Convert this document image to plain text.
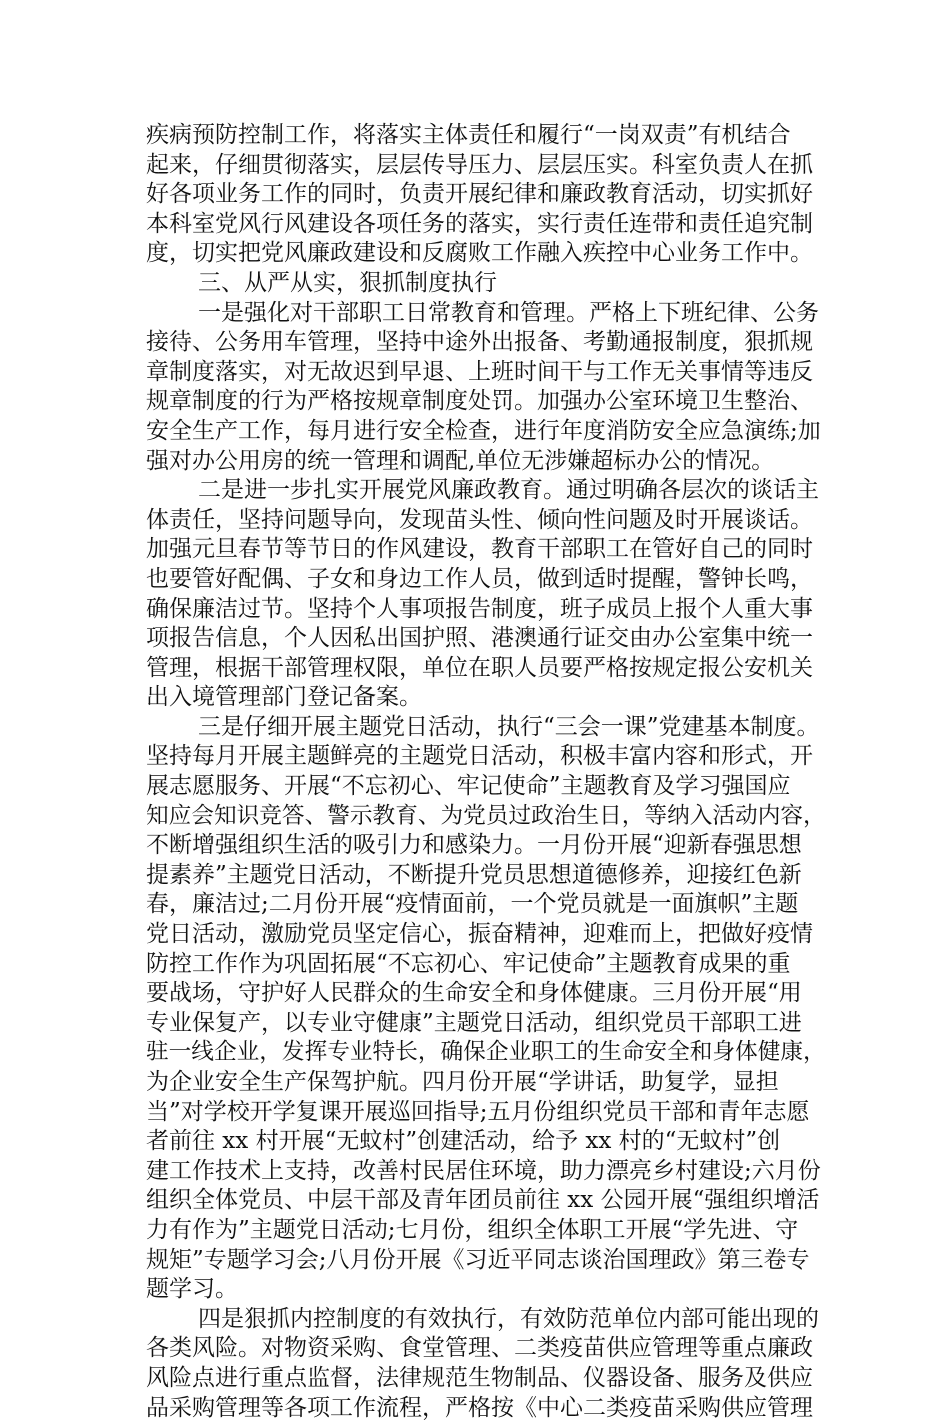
疾病预防控制工作，将落实主体责任和履行“一岗双责”有机结合
起来，仔细贯彻落实，层层传导压力、层层压实。科室负责人在抓
好各项业务工作的同时，负责开展纪律和廉政教育活动，切实抓好
本科室党风行风建设各项任务的落实，实行责任连带和责任追究制
度，切实把党风廉政建设和反腐败工作融入疾控中心业务工作中。
三、从严从实，狠抓制度执行
一是强化对干部职工日常教育和管理。严格上下班纪律、公务
接待、公务用车管理，坚持中途外出报备、考勤通报制度，狠抓规
章制度落实，对无故迟到早退、上班时间干与工作无关事情等违反
规章制度的行为严格按规章制度处罚。加强办公室环境卫生整治、
安全生产工作，每月进行安全检查，进行年度消防安全应急演练;加
强对办公用房的统一管理和调配,单位无涉嫌超标办公的情况。
二是进一步扎实开展党风廉政教育。通过明确各层次的谈话主
体责任，坚持问题导向，发现苗头性、倾向性问题及时开展谈话。
加强元旦春节等节日的作风建设，教育干部职工在管好自己的同时
也要管好配偶、子女和身边工作人员，做到适时提醒，警钟长鸣，
确保廉洁过节。坚持个人事项报告制度，班子成员上报个人重大事
项报告信息，个人因私出国护照、港澳通行证交由办公室集中统一
管理，根据干部管理权限，单位在职人员要严格按规定报公安机关
出入境管理部门登记备案。
三是仔细开展主题党日活动，执行“三会一课”党建基本制度。
坚持每月开展主题鲜亮的主题党日活动，积极丰富内容和形式，开
展志愿服务、开展“不忘初心、牢记使命”主题教育及学习强国应
知应会知识竞答、警示教育、为党员过政治生日，等纳入活动内容，
不断增强组织生活的吸引力和感染力。一月份开展“迎新春强思想
提素养”主题党日活动，不断提升党员思想道德修养，迎接红色新
春，廉洁过;二月份开展“疫情面前，一个党员就是一面旗帜”主题
党日活动，激励党员坚定信心，振奋精神，迎难而上，把做好疫情
防控工作作为巩固拓展“不忘初心、牢记使命”主题教育成果的重
要战场，守护好人民群众的生命安全和身体健康。三月份开展“用
专业保复产，以专业守健康”主题党日活动，组织党员干部职工进
驻一线企业，发挥专业特长，确保企业职工的生命安全和身体健康，
为企业安全生产保驾护航。四月份开展“学讲话，助复学，显担
当”对学校开学复课开展巡回指导;五月份组织党员干部和青年志愿
者前往 xx 村开展“无蚊村”创建活动，给予 xx 村的“无蚊村”创
建工作技术上支持，改善村民居住环境，助力漂亮乡村建设;六月份
组织全体党员、中层干部及青年团员前往 xx 公园开展“强组织增活
力有作为”主题党日活动;七月份，组织全体职工开展“学先进、守
规矩”专题学习会;八月份开展《习近平同志谈治国理政》第三卷专
题学习。
四是狠抓内控制度的有效执行，有效防范单位内部可能出现的
各类风险。对物资采购、食堂管理、二类疫苗供应管理等重点廉政
风险点进行重点监督，法律规范生物制品、仪器设备、服务及供应
品采购管理等各项工作流程，严格按《中心二类疫苗采购供应管理
